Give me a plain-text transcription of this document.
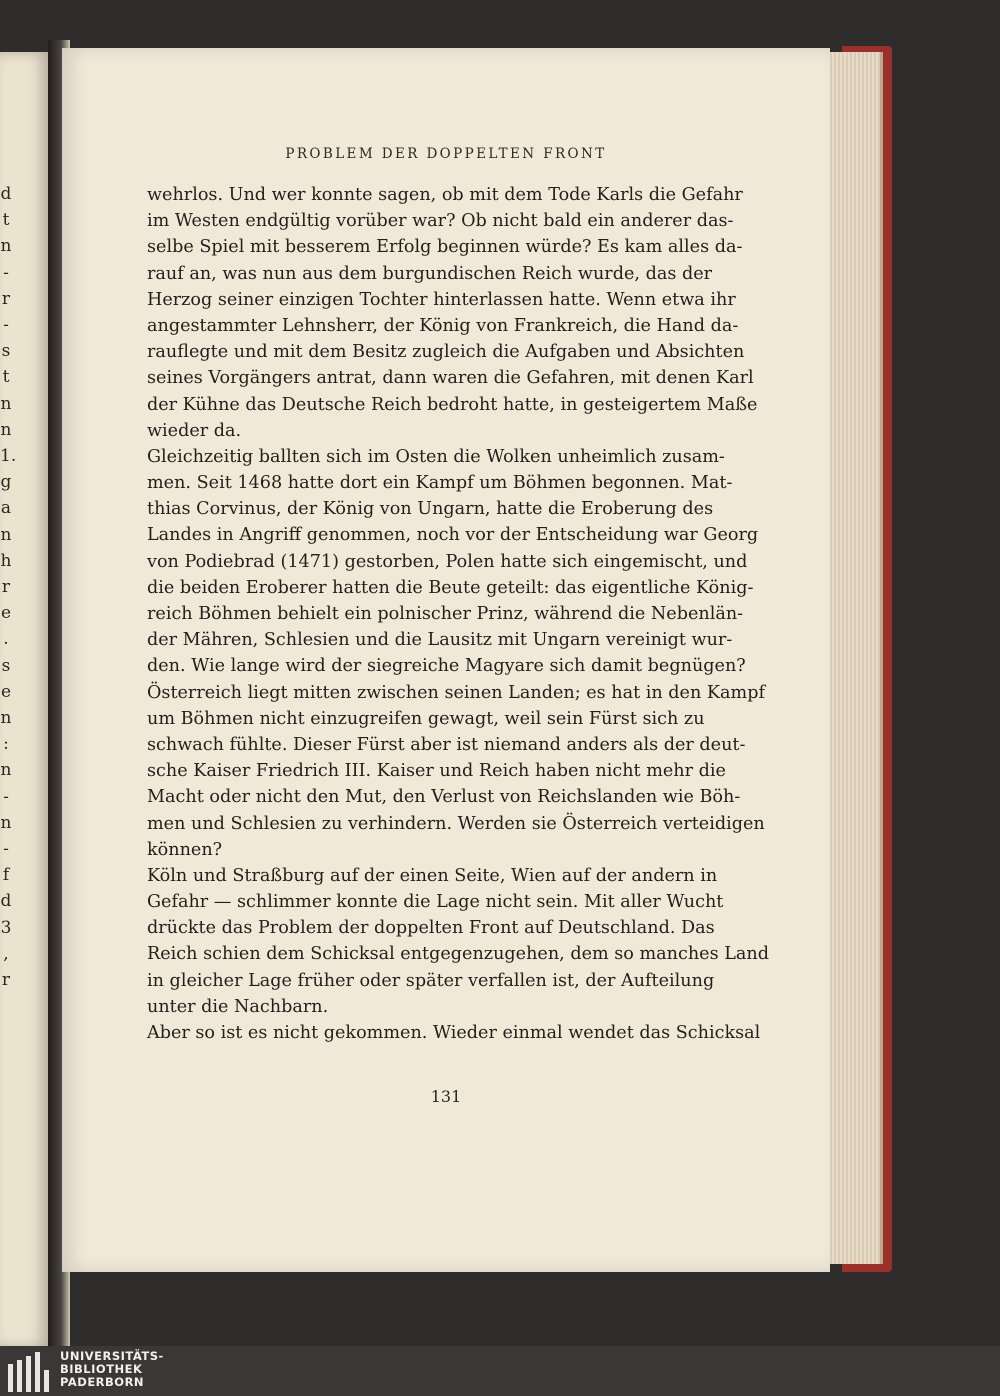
d
t
n
-
r
-
s
t
n
n
1.
g
a
n
h
r
e
.
s
e
n
:
n
-
n
-
f
d
3
,
r
PROBLEM DER DOPPELTEN FRONT
wehrlos. Und wer konnte sagen, ob mit dem Tode Karls die Gefahr
im Westen endgültig vorüber war? Ob nicht bald ein anderer das-
selbe Spiel mit besserem Erfolg beginnen würde? Es kam alles da-
rauf an, was nun aus dem burgundischen Reich wurde, das der
Herzog seiner einzigen Tochter hinterlassen hatte. Wenn etwa ihr
angestammter Lehnsherr, der König von Frankreich, die Hand da-
rauflegte und mit dem Besitz zugleich die Aufgaben und Absichten
seines Vorgängers antrat, dann waren die Gefahren, mit denen Karl
der Kühne das Deutsche Reich bedroht hatte, in gesteigertem Maße
wieder da.
Gleichzeitig ballten sich im Osten die Wolken unheimlich zusam-
men. Seit 1468 hatte dort ein Kampf um Böhmen begonnen. Mat-
thias Corvinus, der König von Ungarn, hatte die Eroberung des
Landes in Angriff genommen, noch vor der Entscheidung war Georg
von Podiebrad (1471) gestorben, Polen hatte sich eingemischt, und
die beiden Eroberer hatten die Beute geteilt: das eigentliche König-
reich Böhmen behielt ein polnischer Prinz, während die Nebenlän-
der Mähren, Schlesien und die Lausitz mit Ungarn vereinigt wur-
den. Wie lange wird der siegreiche Magyare sich damit begnügen?
Österreich liegt mitten zwischen seinen Landen; es hat in den Kampf
um Böhmen nicht einzugreifen gewagt, weil sein Fürst sich zu
schwach fühlte. Dieser Fürst aber ist niemand anders als der deut-
sche Kaiser Friedrich III. Kaiser und Reich haben nicht mehr die
Macht oder nicht den Mut, den Verlust von Reichslanden wie Böh-
men und Schlesien zu verhindern. Werden sie Österreich verteidigen
können?
Köln und Straßburg auf der einen Seite, Wien auf der andern in
Gefahr — schlimmer konnte die Lage nicht sein. Mit aller Wucht
drückte das Problem der doppelten Front auf Deutschland. Das
Reich schien dem Schicksal entgegenzugehen, dem so manches Land
in gleicher Lage früher oder später verfallen ist, der Aufteilung
unter die Nachbarn.
Aber so ist es nicht gekommen. Wieder einmal wendet das Schicksal
131
UNIVERSITÄTS-
BIBLIOTHEK
PADERBORN
